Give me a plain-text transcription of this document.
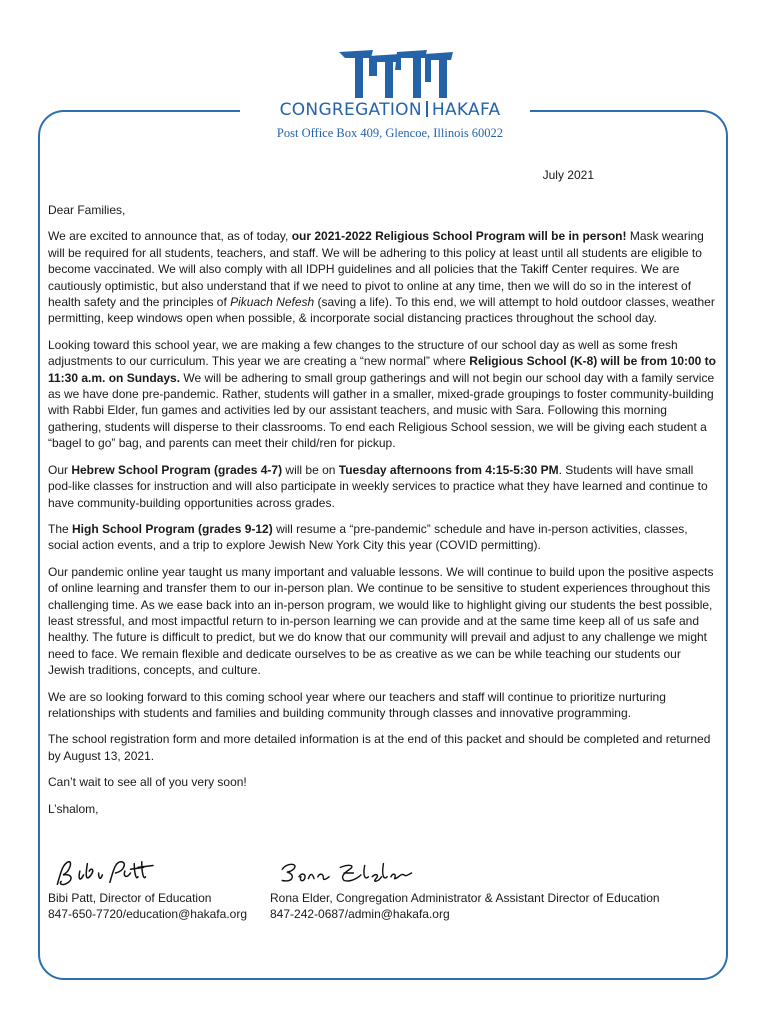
CONGREGATION HAKAFA
Post Office Box 409, Glencoe, Illinois 60022
July 2021

Dear Families,

We are excited to announce that, as of today, our 2021-2022 Religious School Program will be in person! Mask wearing will be required for all students, teachers, and staff. We will be adhering to this policy at least until all students are eligible to become vaccinated. We will also comply with all IDPH guidelines and all policies that the Takiff Center requires. We are cautiously optimistic, but also understand that if we need to pivot to online at any time, then we will do so in the interest of health safety and the principles of Pikuach Nefesh (saving a life). To this end, we will attempt to hold outdoor classes, weather permitting, keep windows open when possible, & incorporate social distancing practices throughout the school day.

Looking toward this school year, we are making a few changes to the structure of our school day as well as some fresh adjustments to our curriculum. This year we are creating a “new normal” where Religious School (K-8) will be from 10:00 to 11:30 a.m. on Sundays. We will be adhering to small group gatherings and will not begin our school day with a family service as we have done pre-pandemic. Rather, students will gather in a smaller, mixed-grade groupings to foster community-building with Rabbi Elder, fun games and activities led by our assistant teachers, and music with Sara. Following this morning gathering, students will disperse to their classrooms. To end each Religious School session, we will be giving each student a “bagel to go” bag, and parents can meet their child/ren for pickup.

Our Hebrew School Program (grades 4-7) will be on Tuesday afternoons from 4:15-5:30 PM. Students will have small pod-like classes for instruction and will also participate in weekly services to practice what they have learned and continue to have community-building opportunities across grades.

The High School Program (grades 9-12) will resume a “pre-pandemic” schedule and have in-person activities, classes, social action events, and a trip to explore Jewish New York City this year (COVID permitting).

Our pandemic online year taught us many important and valuable lessons. We will continue to build upon the positive aspects of online learning and transfer them to our in-person plan. We continue to be sensitive to student experiences throughout this challenging time. As we ease back into an in-person program, we would like to highlight giving our students the best possible, least stressful, and most impactful return to in-person learning we can provide and at the same time keep all of us safe and healthy. The future is difficult to predict, but we do know that our community will prevail and adjust to any challenge we might need to face. We remain flexible and dedicate ourselves to be as creative as we can be while teaching our students our Jewish traditions, concepts, and culture.

We are so looking forward to this coming school year where our teachers and staff will continue to prioritize nurturing relationships with students and families and building community through classes and innovative programming.

The school registration form and more detailed information is at the end of this packet and should be completed and returned by August 13, 2021.

Can’t wait to see all of you very soon!

L’shalom,

Bibi Patt, Director of Education
847-650-7720/education@hakafa.org
Rona Elder, Congregation Administrator & Assistant Director of Education
847-242-0687/admin@hakafa.org
